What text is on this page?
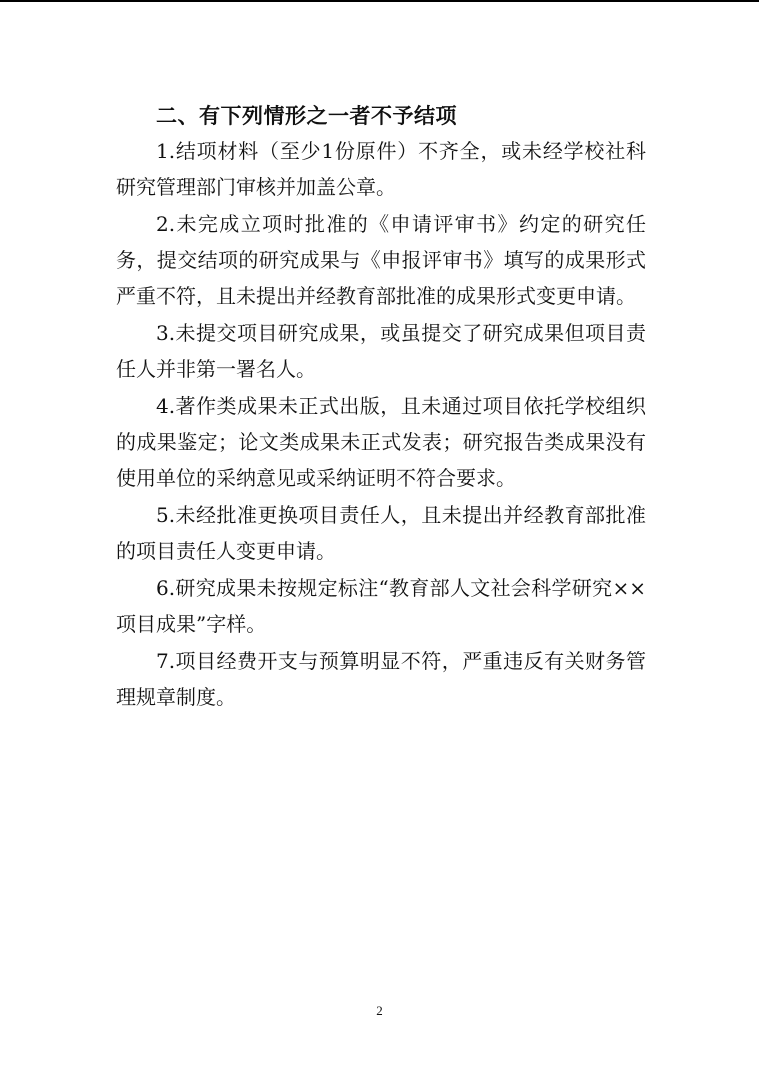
二、有下列情形之一者不予结项

1.结项材料（至少1份原件）不齐全，或未经学校社科研究管理部门审核并加盖公章。

2.未完成立项时批准的《申请评审书》约定的研究任务，提交结项的研究成果与《申报评审书》填写的成果形式严重不符，且未提出并经教育部批准的成果形式变更申请。

3.未提交项目研究成果，或虽提交了研究成果但项目责任人并非第一署名人。

4.著作类成果未正式出版，且未通过项目依托学校组织的成果鉴定；论文类成果未正式发表；研究报告类成果没有使用单位的采纳意见或采纳证明不符合要求。

5.未经批准更换项目责任人，且未提出并经教育部批准的项目责任人变更申请。

6.研究成果未按规定标注“教育部人文社会科学研究××项目成果”字样。

7.项目经费开支与预算明显不符，严重违反有关财务管理规章制度。

2
